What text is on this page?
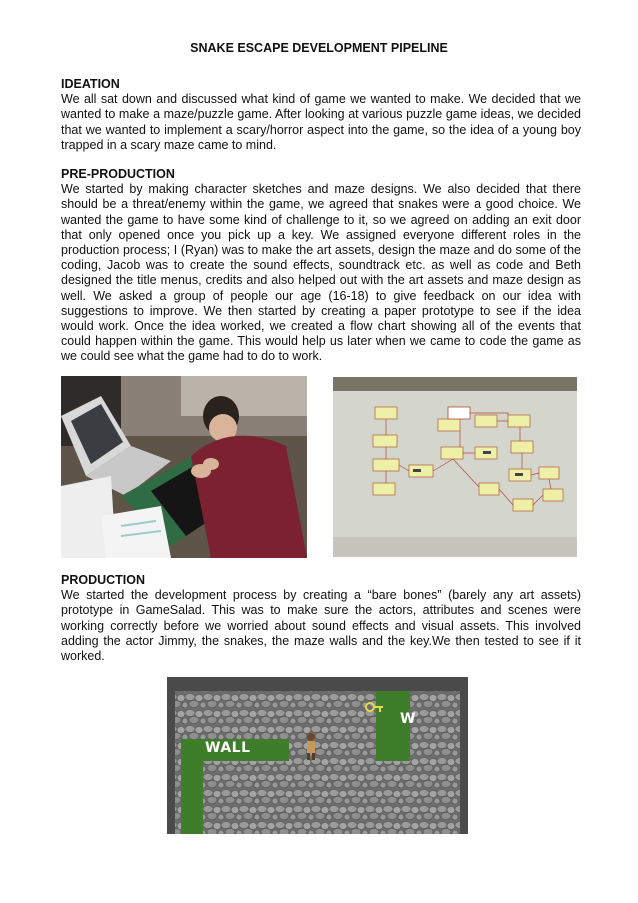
SNAKE ESCAPE DEVELOPMENT PIPELINE
IDEATION

We all sat down and discussed what kind of game we wanted to make. We decided that we wanted to make a maze/puzzle game. After looking at various puzzle game ideas, we decided that we wanted to implement a scary/horror aspect into the game, so the idea of a young boy trapped in a scary maze came to mind.

PRE-PRODUCTION

We started by making character sketches and maze designs. We also decided that there should be a threat/enemy within the game, we agreed that snakes were a good choice. We wanted the game to have some kind of challenge to it, so we agreed on adding an exit door that only opened once you pick up a key. We assigned everyone different roles in the production process; I (Ryan) was to make the art assets, design the maze and do some of the coding, Jacob was to create the sound effects, soundtrack etc. as well as code and Beth designed the title menus, credits and also helped out with the art assets and maze design as well. We asked a group of people our age (16-18) to give feedback on our idea with suggestions to improve. We then started by creating a paper prototype to see if the idea would work. Once the idea worked, we created a flow chart showing all of the events that could happen within the game. This would help us later when we came to code the game as we could see what the game had to do to work.

PRODUCTION

We started the development process by creating a “bare bones” (barely any art assets) prototype in GameSalad. This was to make sure the actors, attributes and scenes were working correctly before we worried about sound effects and visual assets. This involved adding the actor Jimmy, the snakes, the maze walls and the key.We then tested to see if it worked.

WALL
W
